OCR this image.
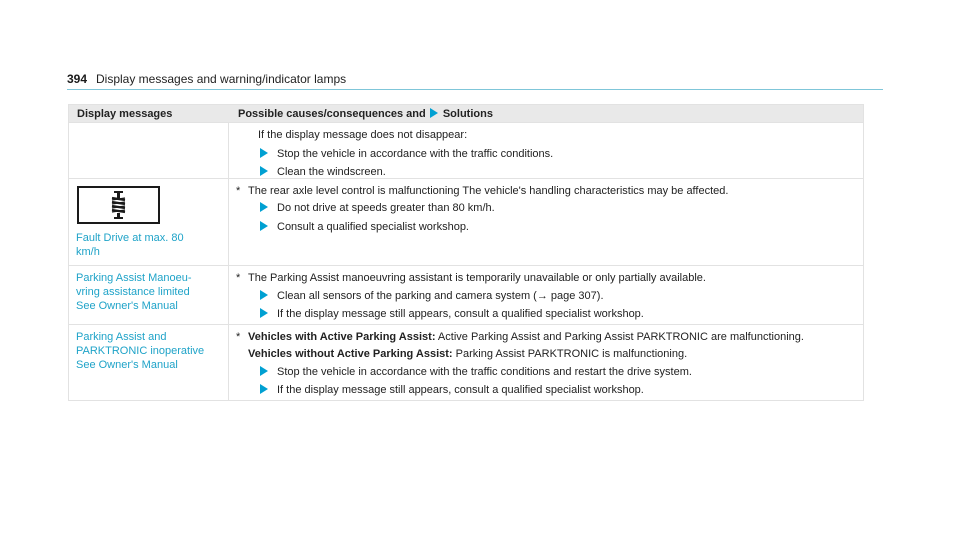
394 Display messages and warning/indicator lamps
Display messages	Possible causes/consequences and Solutions
If the display message does not disappear:
Stop the vehicle in accordance with the traffic conditions.
Clean the windscreen.
Fault Drive at max. 80
km/h
* The rear axle level control is malfunctioning The vehicle's handling characteristics may be affected.
Do not drive at speeds greater than 80 km/h.
Consult a qualified specialist workshop.
Parking Assist Manoeu-
vring assistance limited
See Owner's Manual
* The Parking Assist manoeuvring assistant is temporarily unavailable or only partially available.
Clean all sensors of the parking and camera system (→ page 307).
If the display message still appears, consult a qualified specialist workshop.
Parking Assist and
PARKTRONIC inoperative
See Owner's Manual
* Vehicles with Active Parking Assist: Active Parking Assist and Parking Assist PARKTRONIC are malfunctioning.
Vehicles without Active Parking Assist: Parking Assist PARKTRONIC is malfunctioning.
Stop the vehicle in accordance with the traffic conditions and restart the drive system.
If the display message still appears, consult a qualified specialist workshop.
